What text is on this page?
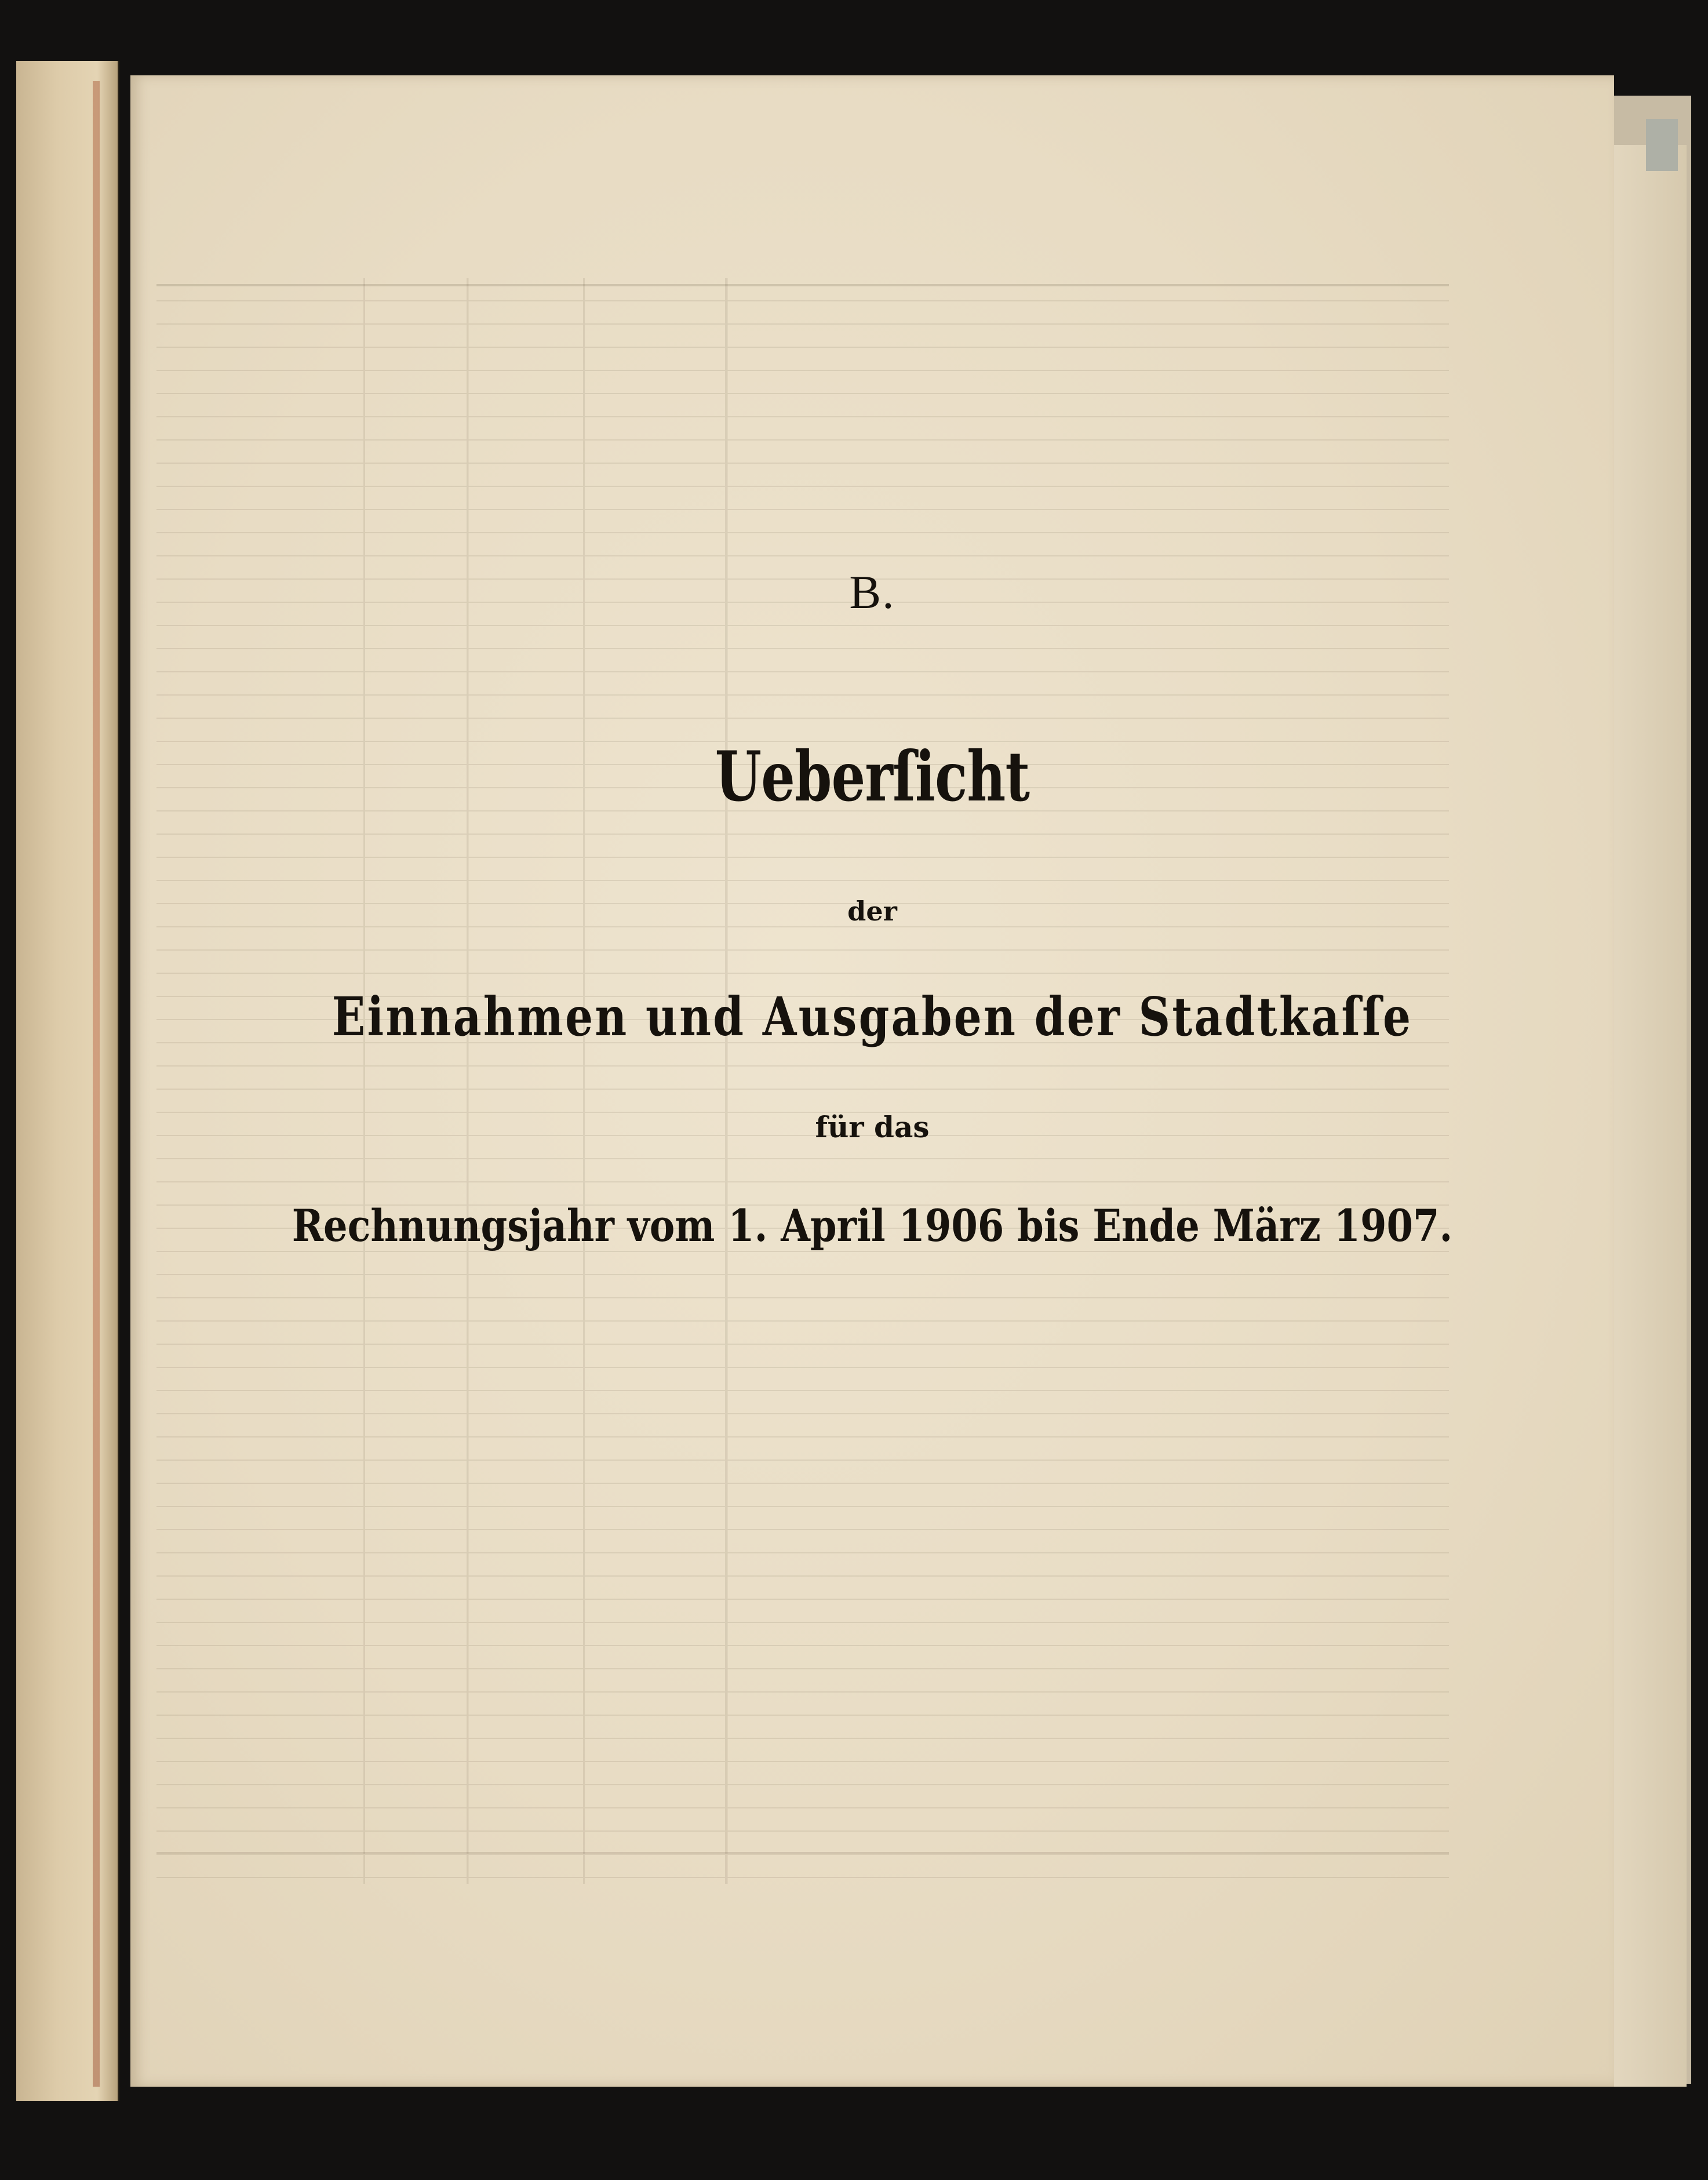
B.
Ueberſicht
der
Einnahmen und Ausgaben der Stadtkaſſe
für das
Rechnungsjahr vom 1. April 1906 bis Ende März 1907.
